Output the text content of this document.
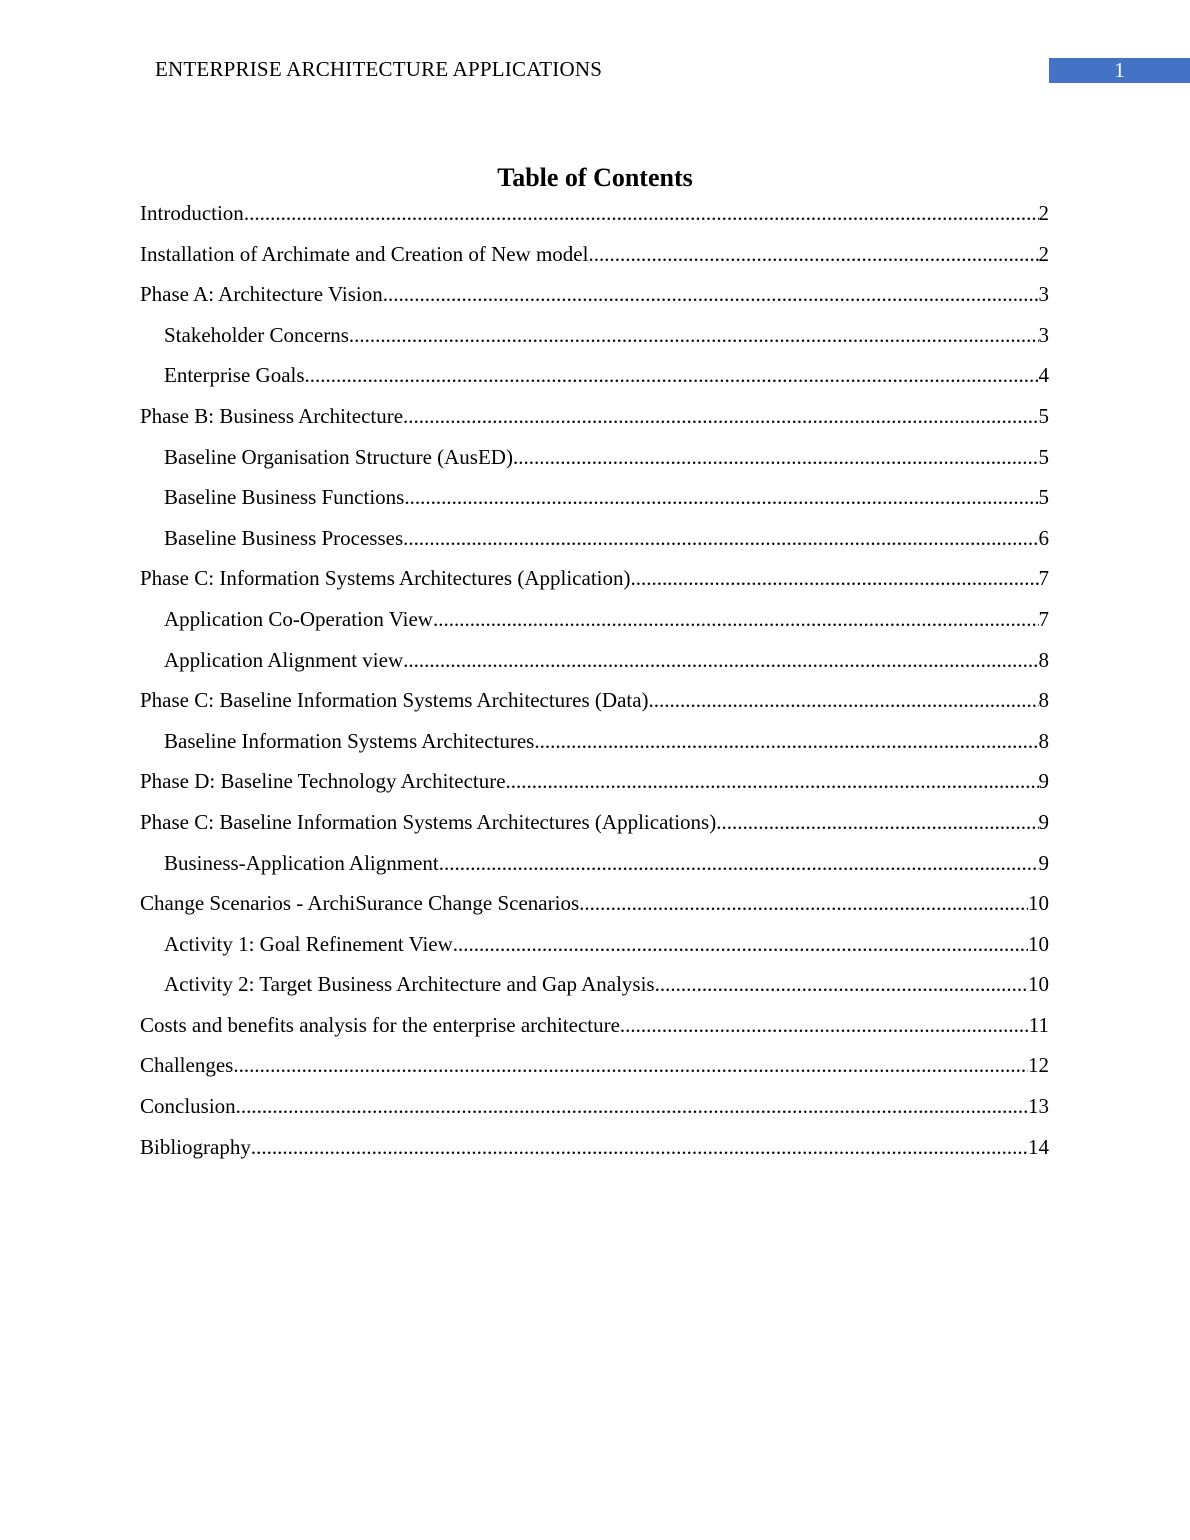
ENTERPRISE ARCHITECTURE APPLICATIONS	1
Table of Contents
Introduction .....	2
Installation of Archimate and Creation of New model .....	2
Phase A: Architecture Vision .....	3
Stakeholder Concerns .....	3
Enterprise Goals .....	4
Phase B: Business Architecture .....	5
Baseline Organisation Structure (AusED) .....	5
Baseline Business Functions .....	5
Baseline Business Processes .....	6
Phase C: Information Systems Architectures (Application) .....	7
Application Co-Operation View .....	7
Application Alignment view .....	8
Phase C: Baseline Information Systems Architectures (Data) .....	8
Baseline Information Systems Architectures .....	8
Phase D: Baseline Technology Architecture .....	9
Phase C: Baseline Information Systems Architectures (Applications) .....	9
Business-Application Alignment .....	9
Change Scenarios - ArchiSurance Change Scenarios .....	10
Activity 1: Goal Refinement View .....	10
Activity 2: Target Business Architecture and Gap Analysis .....	10
Costs and benefits analysis for the enterprise architecture .....	11
Challenges .....	12
Conclusion .....	13
Bibliography .....	14
